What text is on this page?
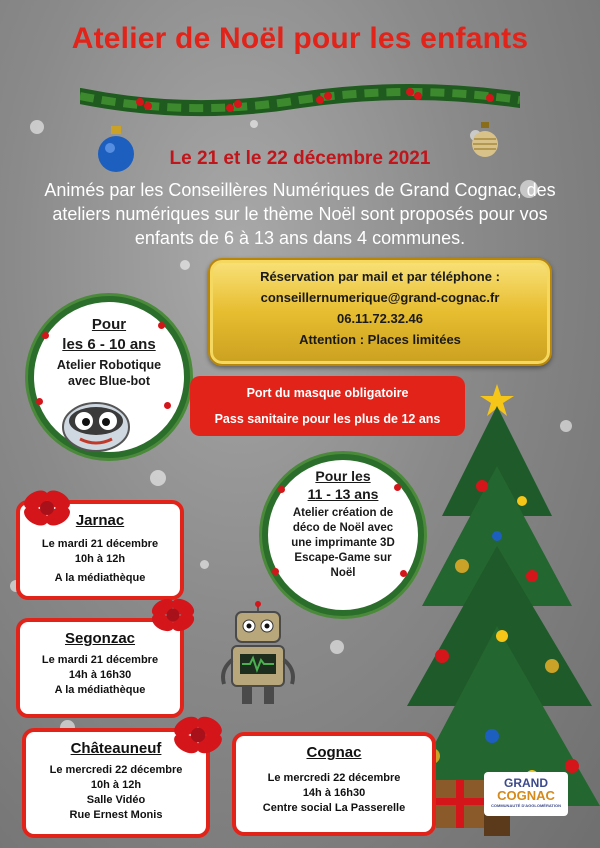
Atelier de Noël pour les enfants
Le 21 et le 22 décembre 2021
Animés par les Conseillères Numériques de Grand Cognac, des
ateliers numériques sur le thème Noël sont proposés pour vos
enfants de 6 à 13 ans dans 4 communes.
Réservation par mail et par téléphone :
conseillernumerique@grand-cognac.fr
06.11.72.32.46
Attention : Places limitées
Pour
les 6 - 10 ans
Atelier Robotique
avec Blue-bot
Port du masque obligatoire
Pass sanitaire pour les plus de 12 ans
Pour les
11 - 13 ans
Atelier création de
déco de Noël avec
une imprimante 3D
Escape-Game sur
Noël
Jarnac
Le mardi 21 décembre
10h à 12h
A la médiathèque
Segonzac
Le mardi 21 décembre
14h à 16h30
A la médiathèque
Châteauneuf
Le mercredi 22 décembre
10h à 12h
Salle Vidéo
Rue Ernest Monis
Cognac
Le mercredi 22 décembre
14h à 16h30
Centre social La Passerelle
GRAND
COGNAC
COMMUNAUTÉ D'AGGLOMÉRATION
